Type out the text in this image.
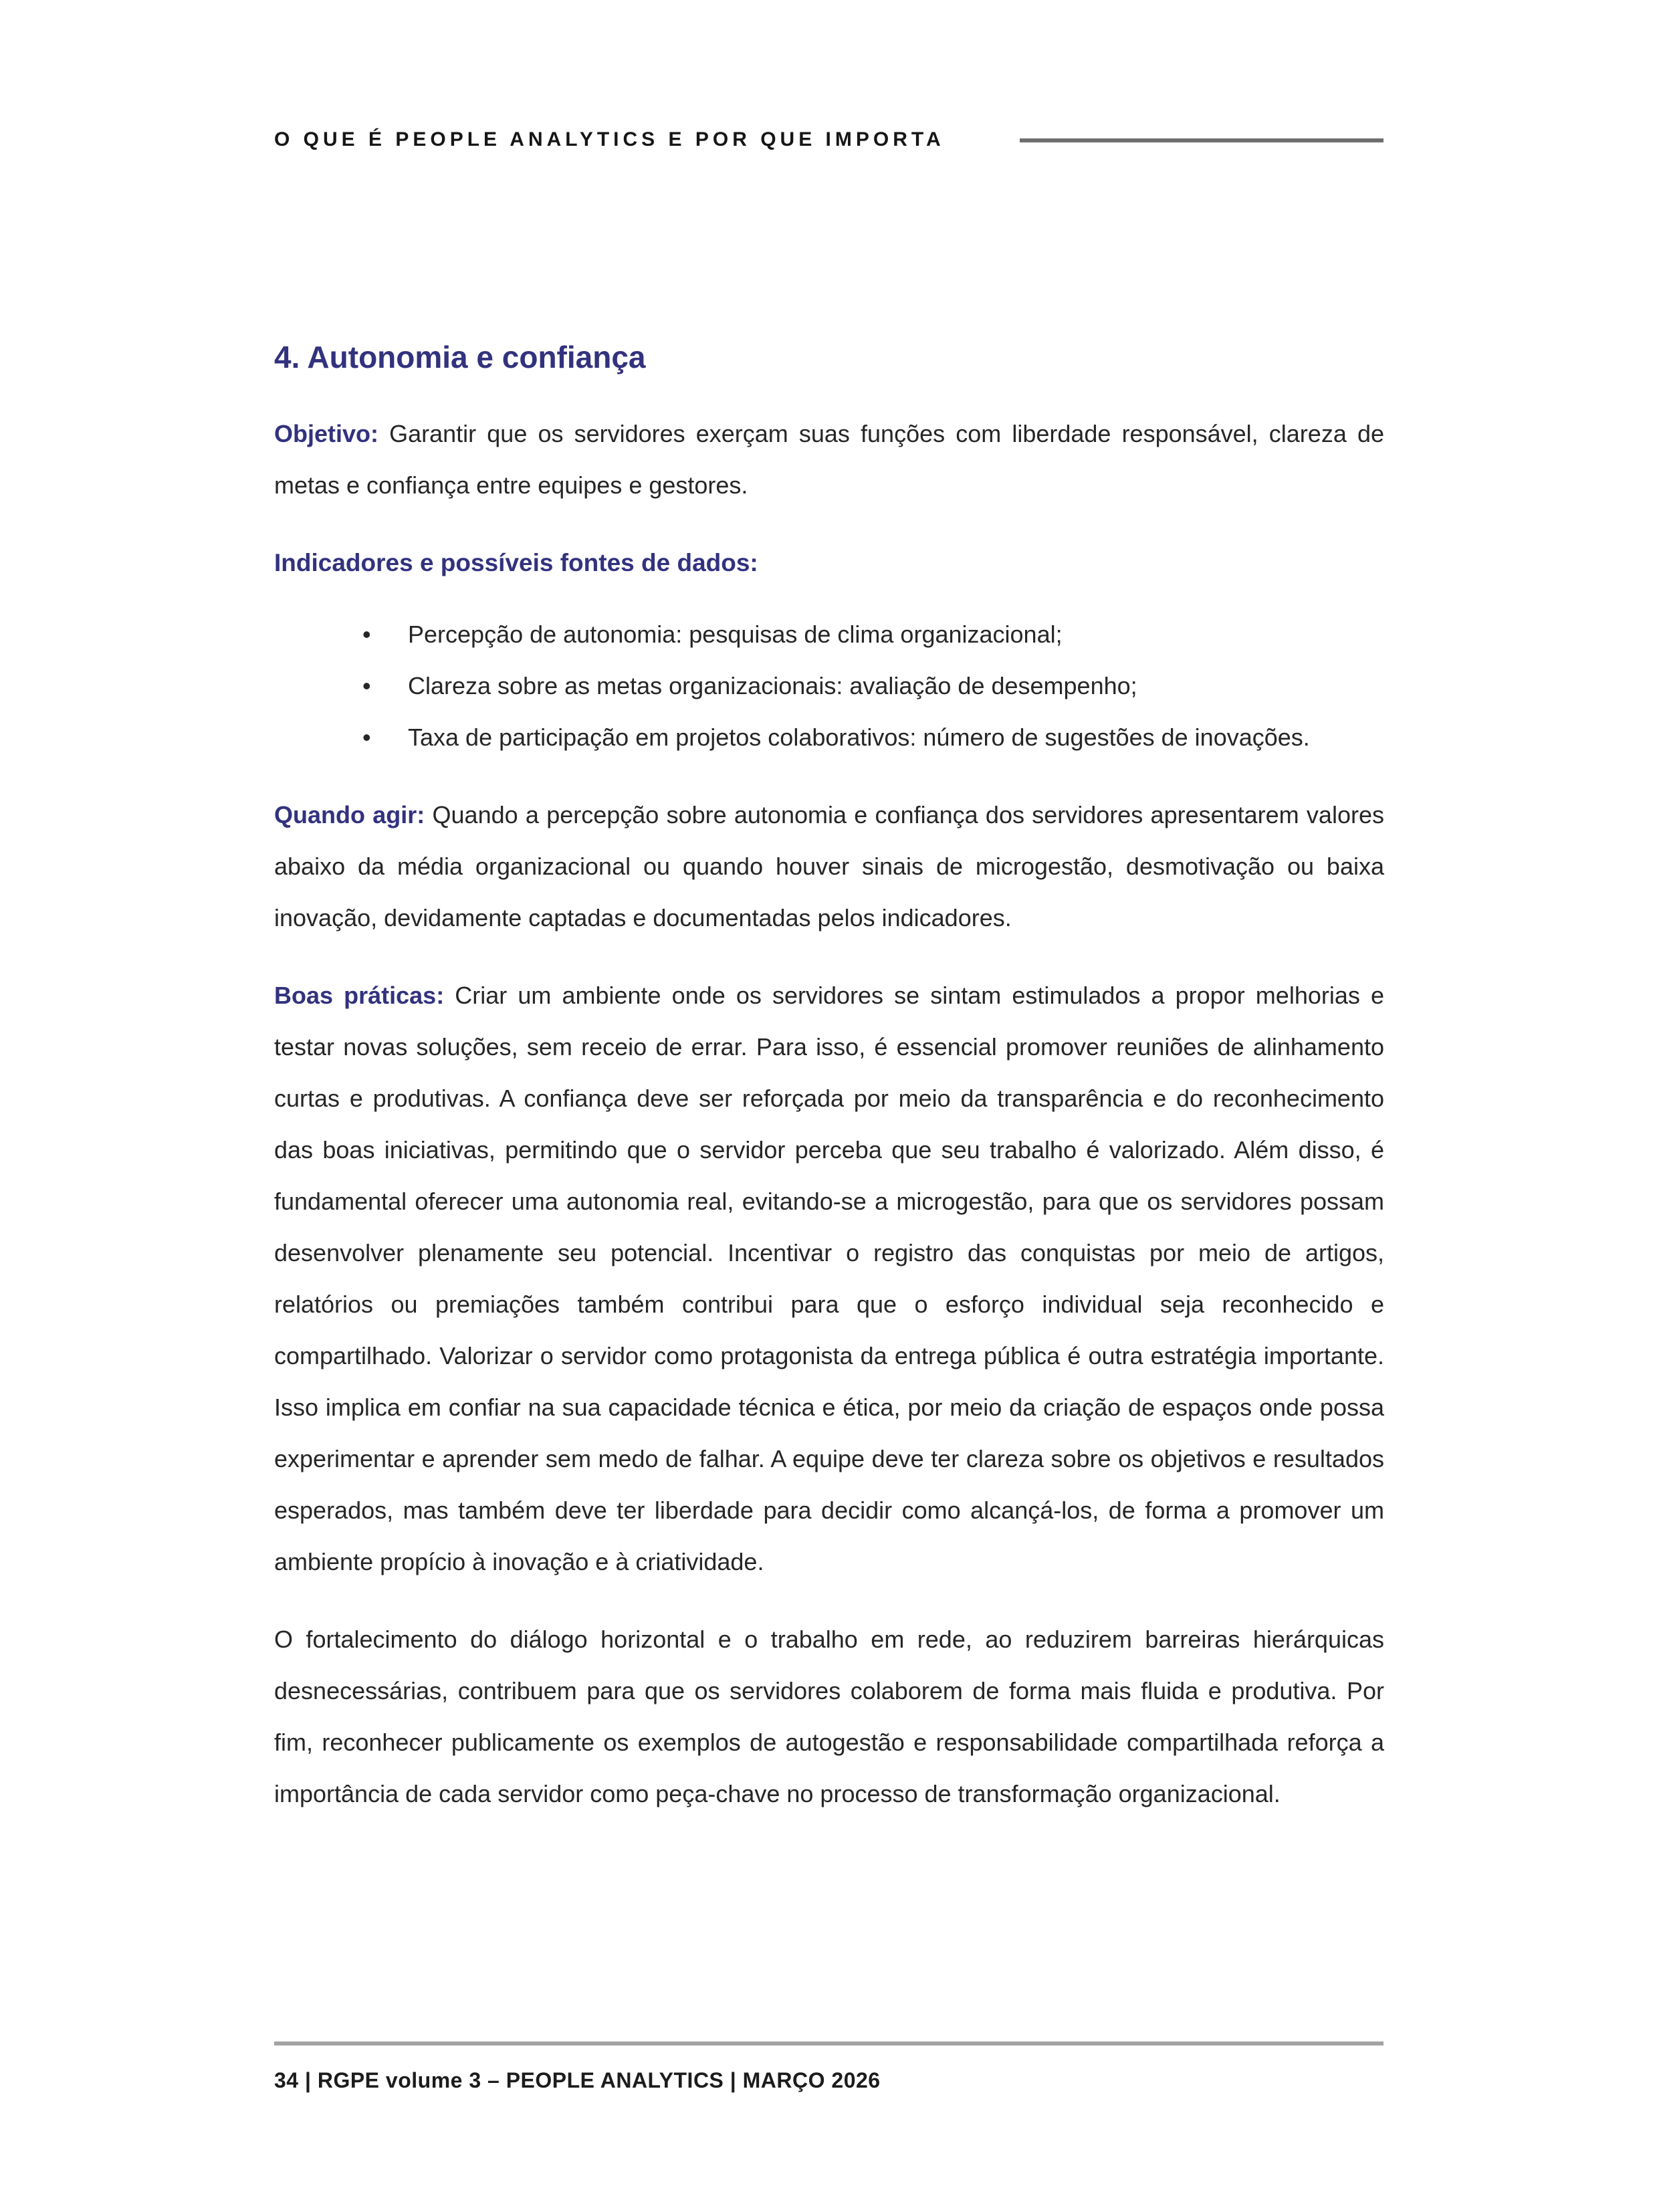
O QUE É PEOPLE ANALYTICS E POR QUE IMPORTA
4. Autonomia e confiança

Objetivo: Garantir que os servidores exerçam suas funções com liberdade responsável, clareza de metas e confiança entre equipes e gestores.

Indicadores e possíveis fontes de dados:
• Percepção de autonomia: pesquisas de clima organizacional;
• Clareza sobre as metas organizacionais: avaliação de desempenho;
• Taxa de participação em projetos colaborativos: número de sugestões de inovações.

Quando agir: Quando a percepção sobre autonomia e confiança dos servidores apresentarem valores abaixo da média organizacional ou quando houver sinais de microgestão, desmotivação ou baixa inovação, devidamente captadas e documentadas pelos indicadores.

Boas práticas: Criar um ambiente onde os servidores se sintam estimulados a propor melhorias e testar novas soluções, sem receio de errar. Para isso, é essencial promover reuniões de alinhamento curtas e produtivas. A confiança deve ser reforçada por meio da transparência e do reconhecimento das boas iniciativas, permitindo que o servidor perceba que seu trabalho é valorizado. Além disso, é fundamental oferecer uma autonomia real, evitando-se a microgestão, para que os servidores possam desenvolver plenamente seu potencial. Incentivar o registro das conquistas por meio de artigos, relatórios ou premiações também contribui para que o esforço individual seja reconhecido e compartilhado. Valorizar o servidor como protagonista da entrega pública é outra estratégia importante. Isso implica em confiar na sua capacidade técnica e ética, por meio da criação de espaços onde possa experimentar e aprender sem medo de falhar. A equipe deve ter clareza sobre os objetivos e resultados esperados, mas também deve ter liberdade para decidir como alcançá-los, de forma a promover um ambiente propício à inovação e à criatividade.

O fortalecimento do diálogo horizontal e o trabalho em rede, ao reduzirem barreiras hierárquicas desnecessárias, contribuem para que os servidores colaborem de forma mais fluida e produtiva. Por fim, reconhecer publicamente os exemplos de autogestão e responsabilidade compartilhada reforça a importância de cada servidor como peça-chave no processo de transformação organizacional.

34 | RGPE volume 3 – PEOPLE ANALYTICS | MARÇO 2026
